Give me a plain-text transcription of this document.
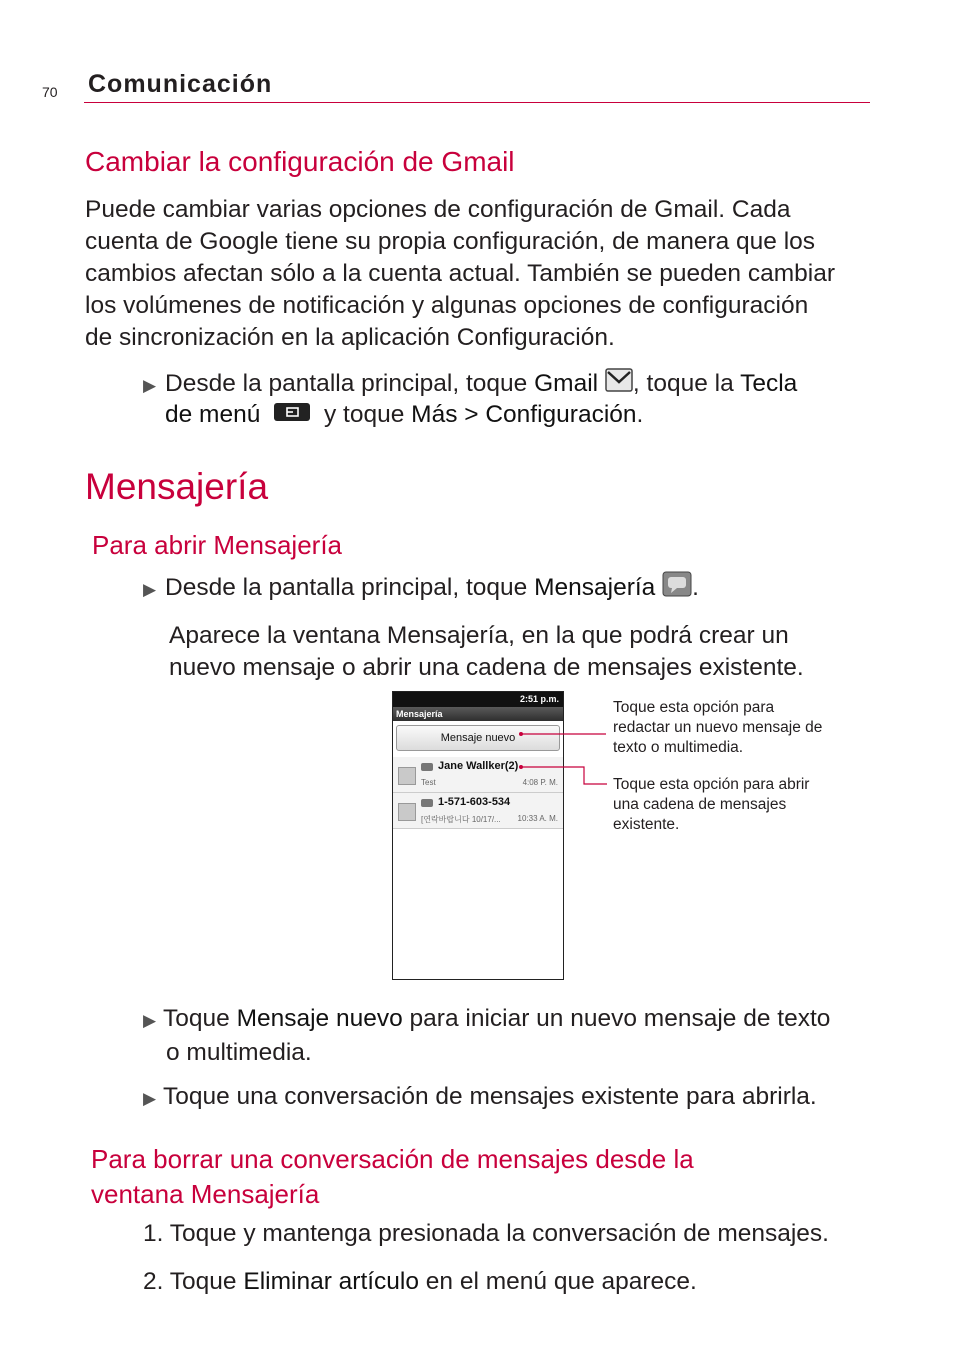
70 Comunicación
Cambiar la configuración de Gmail
Puede cambiar varias opciones de configuración de Gmail. Cada
cuenta de Google tiene su propia configuración, de manera que los
cambios afectan sólo a la cuenta actual. También se pueden cambiar
los volúmenes de notificación y algunas opciones de configuración
de sincronización en la aplicación Configuración.
▶ Desde la pantalla principal, toque Gmail , toque la Tecla
de menú  y toque Más > Configuración.
Mensajería
Para abrir Mensajería
▶ Desde la pantalla principal, toque Mensajería .
Aparece la ventana Mensajería, en la que podrá crear un
nuevo mensaje o abrir una cadena de mensajes existente.
2:51 p.m.
Mensajería
Mensaje nuevo
Jane Wallker(2)
Test	4:08 P. M.
1-571-603-534
[연락바랍니다 10/17/... 10:33 A. M.
Toque esta opción para
redactar un nuevo mensaje de
texto o multimedia.
Toque esta opción para abrir
una cadena de mensajes
existente.
▶ Toque Mensaje nuevo para iniciar un nuevo mensaje de texto
o multimedia.
▶ Toque una conversación de mensajes existente para abrirla.
Para borrar una conversación de mensajes desde la
ventana Mensajería
1. Toque y mantenga presionada la conversación de mensajes.
2. Toque Eliminar artículo en el menú que aparece.
